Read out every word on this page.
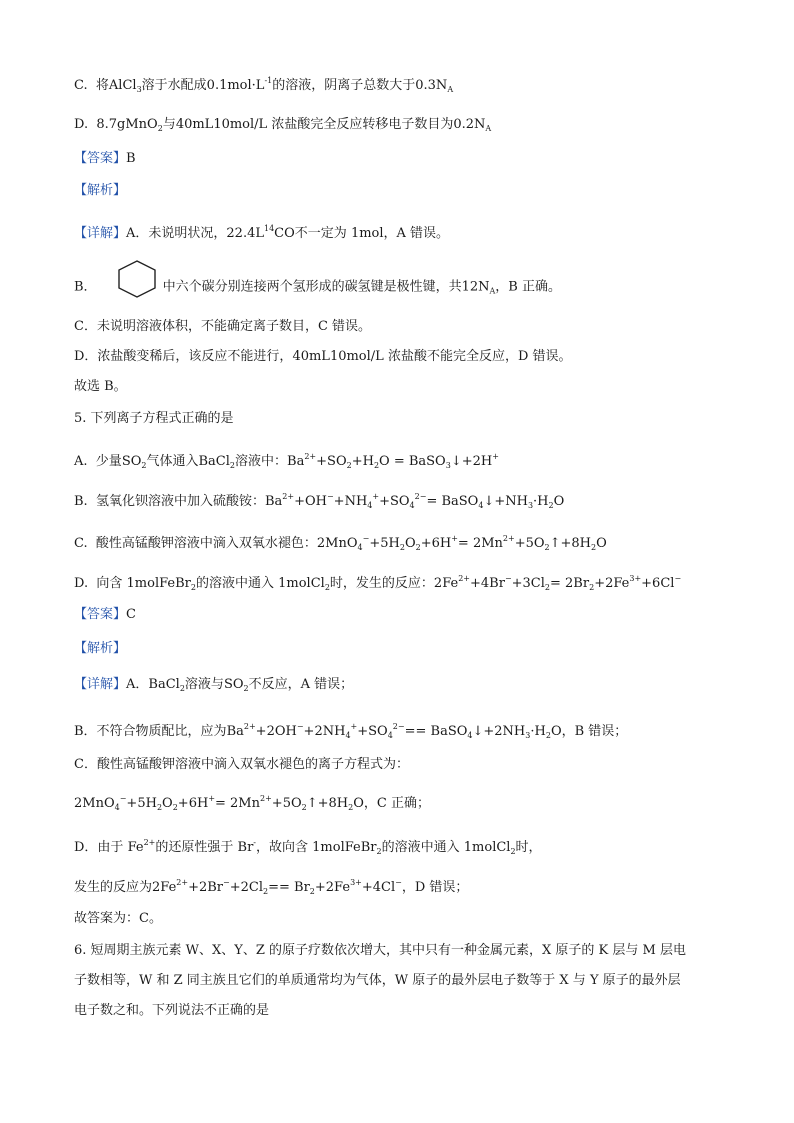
C. 将AlCl$_3$溶于水配成$0.1mol\cdot L^{-1}$的溶液，阴离子总数大于$0.3N_A$
D. 8.7gMnO$_2$与40mL10mol/L 浓盐酸完全反应转移电子数目为$0.2N_A$
【答案】B
【解析】
【详解】A．未说明状况，$22.4L^{14}CO$不一定为 1mol，A 错误。
B．	中六个碳分别连接两个氢形成的碳氢键是极性键，共$12N_A$，B 正确。
C．未说明溶液体积，不能确定离子数目，C 错误。
D．浓盐酸变稀后，该反应不能进行，40mL10mol/L 浓盐酸不能完全反应，D 错误。
故选 B。
5. 下列离子方程式正确的是
A. 少量$SO_2$气体通入BaCl$_2$溶液中：$Ba^{2+}+SO_2+H_2O$ = BaSO$_3$↓+2H+
B. 氢氧化钡溶液中加入硫酸铵：$Ba^{2+}+OH^-+NH_4^++SO_4^{2-}=$ $BaSO_4↓+NH_3\cdot H_2O$
C. 酸性高锰酸钾溶液中滴入双氧水褪色：$2MnO_4^-+5H_2O_2+6H^+=$ $2Mn^{2+}+5O_2↑+8H_2O$
D. 向含 1molFeBr$_2$的溶液中通入 1molCl$_2$时，发生的反应：$2Fe^{2+}+4Br^-+3Cl_2= 2Br_2+2Fe^{3+}+6Cl^-$
【答案】C
【解析】
【详解】A．BaCl$_2$溶液与$SO_2$不反应，A 错误；
B．不符合物质配比，应为$Ba^{2+}+2OH^-+2NH_4^++SO_4^{2-}==$ $BaSO_4↓+2NH_3\cdot H_2O$，B 错误；
C．酸性高锰酸钾溶液中滴入双氧水褪色的离子方程式为：
$2MnO_4^-+5H_2O_2+6H^+=$ $2Mn^{2+}+5O_2↑+8H_2O$，C 正确；
D．由于 $Fe^{2+}$的还原性强于 Br-，故向含 1molFeBr$_2$的溶液中通入 1molCl$_2$时，
发生的反应为$2Fe^{2+}+2Br^-+2Cl_2== Br_2+2Fe^{3+}+4Cl^-$，D 错误；
故答案为：C。
6. 短周期主族元素 W、X、Y、Z 的原子疗数依次增大，其中只有一种金属元素，X 原子的 K 层与 M 层电
子数相等，W 和 Z 同主族且它们的单质通常均为气体，W 原子的最外层电子数等于 X 与 Y 原子的最外层
电子数之和。下列说法不正确的是
